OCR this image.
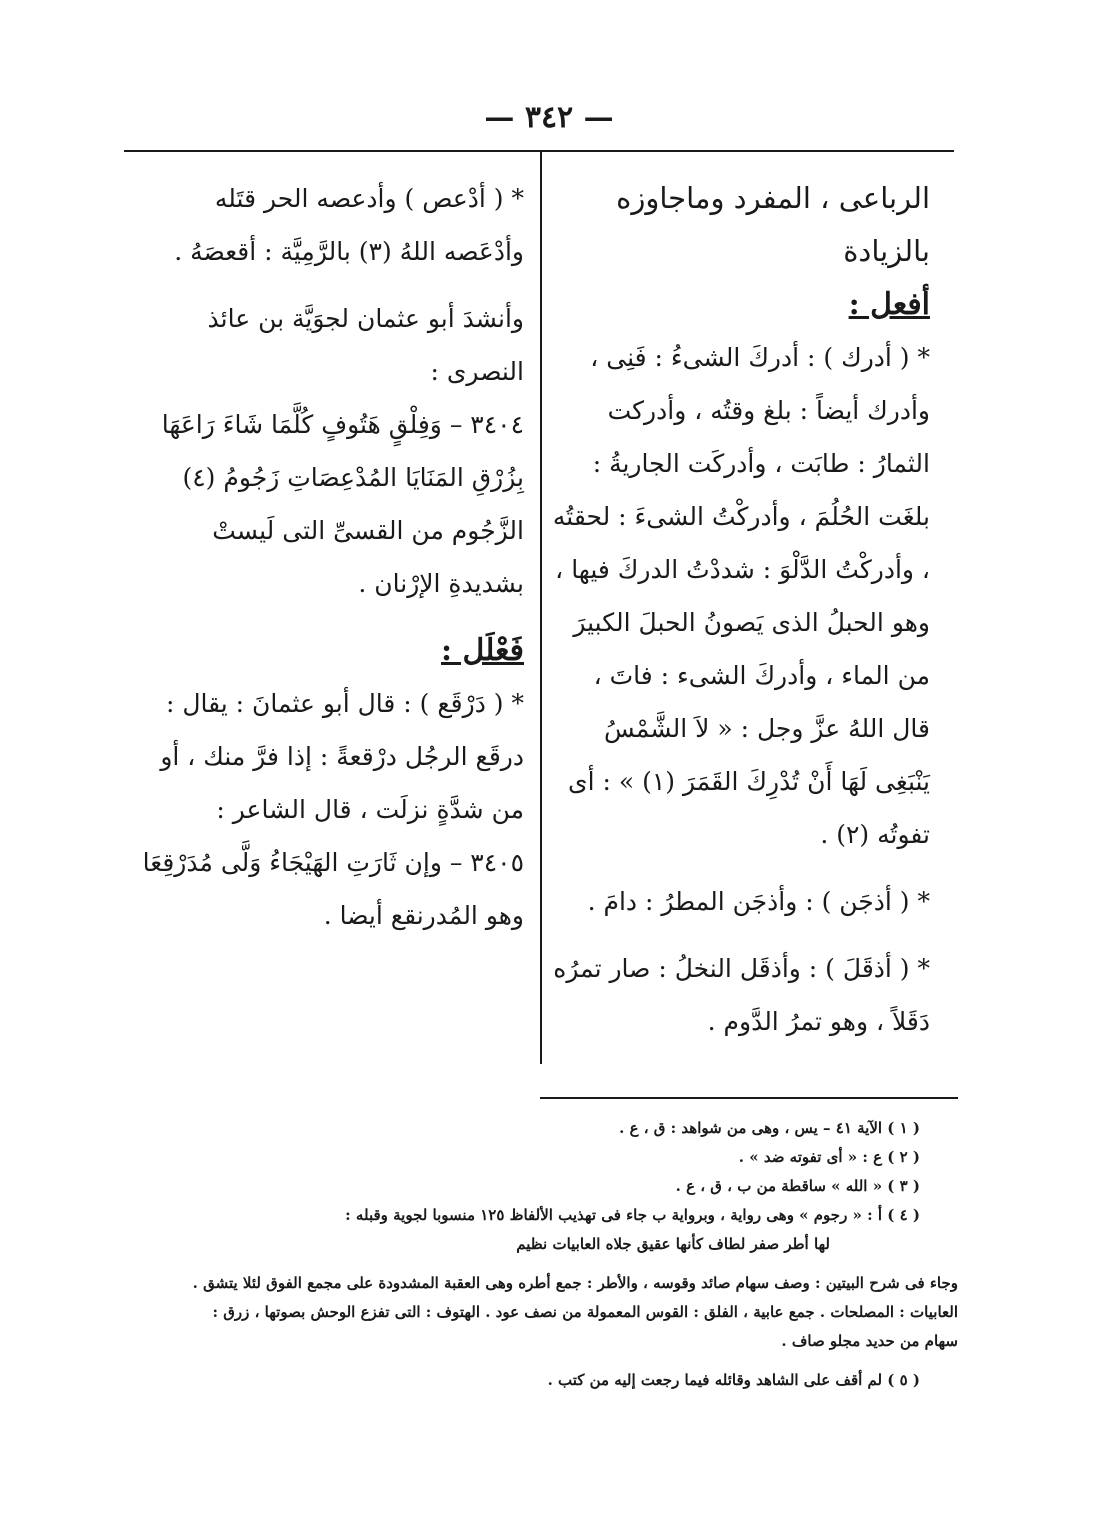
— ٣٤٢ —

الرباعى ، المفرد وماجاوزه بالزيادة

أفعل :

* ( أدرك ) : أدركَ الشىءُ : فَنِى ، وأدرك أيضاً : بلغ وقتُه ، وأدركت الثمارُ : طابَت ، وأدركَت الجاريةُ : بلغَت الحُلُمَ ، وأدركْتُ الشىءَ : لحقتُه ، وأدركْتُ الدَّلْوَ : شددْتُ الدركَ فيها ، وهو الحبلُ الذى يَصونُ الحبلَ الكبيرَ من الماء ، وأدركَ الشىء : فاتَ ، قال اللهُ عزَّ وجل : « لاَ الشَّمْسُ يَنْبَغِى لَهَا أَنْ تُدْرِكَ القَمَرَ (١) » : أى تفوتُه (٢) .

* ( أذجَن ) : وأذجَن المطرُ : دامَ .

* ( أذقَلَ ) : وأذقَل النخلُ : صار تمرُه دَقَلاً ، وهو تمرُ الدَّوم .

* ( أدْعص ) وأدعصه الحر قتَله وأدْعَصه اللهُ (٣) بالرَّمِيَّة : أقعصَهُ .

وأنشدَ أبو عثمان لجوَيَّة بن عائذ النصرى :

٣٤٠٤ – وَفِلْقٍ هَتُوفٍ كُلَّمَا شَاءَ رَاعَهَا

بِزُرْقِ المَنَايَا المُدْعِصَاتِ زَجُومُ (٤)

الزَّجُوم من القسىِّ التى لَيستْ بشديدةِ الإرْنان .

فَعْلَل :

* ( دَرْقَع ) : قال أبو عثمانَ : يقال : درقَع الرجُل درْقعةً : إذا فرَّ منك ، أو من شدَّةٍ نزلَت ، قال الشاعر :

٣٤٠٥ – وإن ثَارَتِ الهَيْجَاءُ وَلَّى مُدَرْقِعَا

وهو المُدرنقع أيضا .

( ١ ) الآية ٤١ – يس ، وهى من شواهد : ق ، ع .

( ٢ ) ع : « أى تفوته ضد » .

( ٣ ) « الله » ساقطة من ب ، ق ، ع .

( ٤ ) أ : « رجوم » وهى رواية ، وبرواية ب جاء فى تهذيب الألفاظ ١٢٥ منسوبا لجوية وقبله :

لها أطر صفر لطاف كأنها عقيق جلاه العابيات نظيم

وجاء فى شرح البيتين : وصف سهام صائد وقوسه ، والأطر : جمع أطره وهى العقبة المشدودة على مجمع الفوق لئلا يتشق .

العابيات : المصلحات . جمع عابية ، الفلق : القوس المعمولة من نصف عود . الهتوف : التى تفزع الوحش بصوتها ، زرق :

سهام من حديد مجلو صاف .

( ٥ ) لم أقف على الشاهد وقائله فيما رجعت إليه من كتب .
